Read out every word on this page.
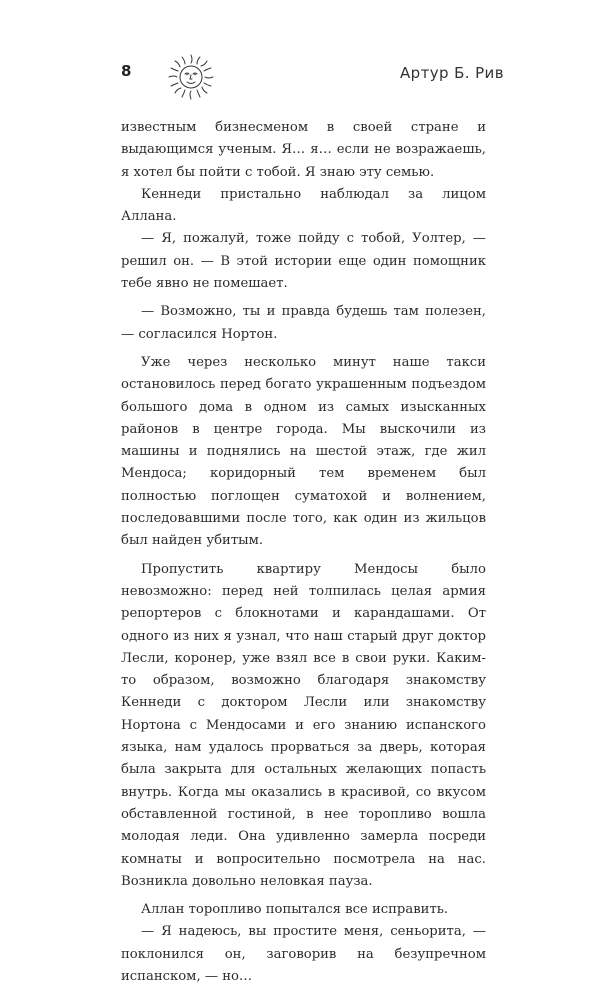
8	Артур Б. Рив

известным бизнесменом в своей стране и выдающимся ученым. Я… я… если не возражаешь, я хотел бы пойти с тобой. Я знаю эту семью.

Кеннеди пристально наблюдал за лицом Аллана.

— Я, пожалуй, тоже пойду с тобой, Уолтер, — решил он. — В этой истории еще один помощник тебе явно не помешает.

— Возможно, ты и правда будешь там полезен, — согласился Нортон.

Уже через несколько минут наше такси остановилось перед богато украшенным подъездом большого дома в одном из самых изысканных районов в центре города. Мы выскочили из машины и поднялись на шестой этаж, где жил Мендоса; коридорный тем временем был полностью поглощен суматохой и волнением, последовавшими после того, как один из жильцов был найден убитым.

Пропустить квартиру Мендосы было невозможно: перед ней толпилась целая армия репортеров с блокнотами и карандашами. От одного из них я узнал, что наш старый друг доктор Лесли, коронер, уже взял все в свои руки. Каким-то образом, возможно благодаря знакомству Кеннеди с доктором Лесли или знакомству Нортона с Мендосами и его знанию испанского языка, нам удалось прорваться за дверь, которая была закрыта для остальных желающих попасть внутрь. Когда мы оказались в красивой, со вкусом обставленной гостиной, в нее торопливо вошла молодая леди. Она удивленно замерла посреди комнаты и вопросительно посмотрела на нас. Возникла довольно неловкая пауза.

Аллан торопливо попытался все исправить.

— Я надеюсь, вы простите меня, сеньорита, — поклонился он, заговорив на безупречном испанском, — но…
